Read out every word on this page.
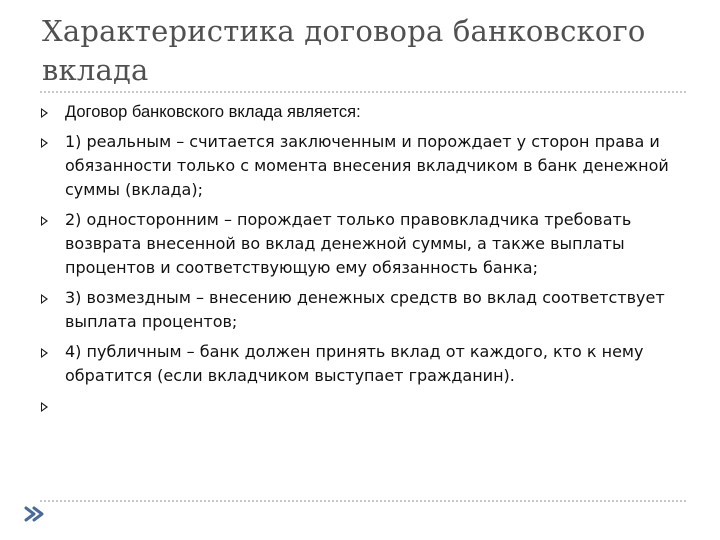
Характеристика договора банковского вклада
Договор банковского вклада является:
1) реальным – считается заключенным и порождает у сторон права и обязанности только с момента внесения вкладчиком в банк денежной суммы (вклада);
2) односторонним – порождает только правовкладчика требовать возврата внесенной во вклад денежной суммы, а также выплаты процентов и соответствующую ему обязанность банка;
3) возмездным – внесению денежных средств во вклад соответствует выплата процентов;
4) публичным – банк должен принять вклад от каждого, кто к нему обратится (если вкладчиком выступает гражданин).
